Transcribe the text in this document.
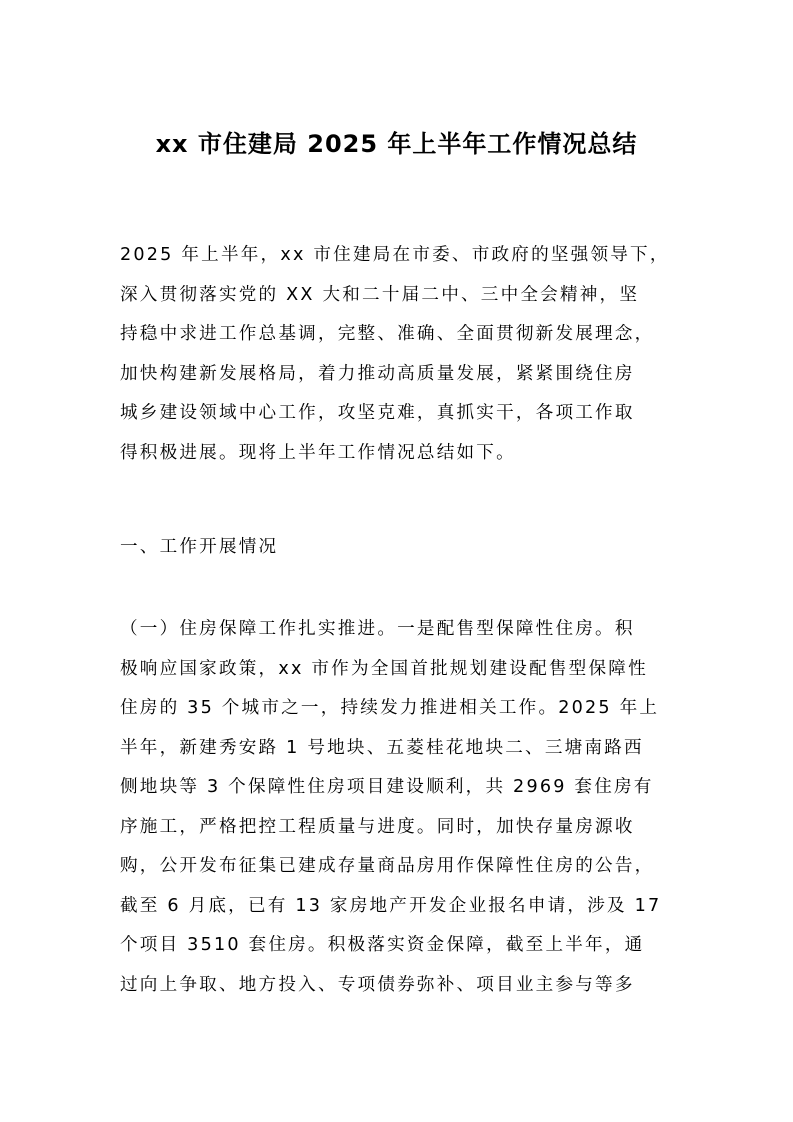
xx 市住建局 2025 年上半年工作情况总结
2025 年上半年，xx 市住建局在市委、市政府的坚强领导下，
深入贯彻落实党的 XX 大和二十届二中、三中全会精神，坚
持稳中求进工作总基调，完整、准确、全面贯彻新发展理念，
加快构建新发展格局，着力推动高质量发展，紧紧围绕住房
城乡建设领域中心工作，攻坚克难，真抓实干，各项工作取
得积极进展。现将上半年工作情况总结如下。
一、工作开展情况
（一）住房保障工作扎实推进。一是配售型保障性住房。积
极响应国家政策，xx 市作为全国首批规划建设配售型保障性
住房的 35 个城市之一，持续发力推进相关工作。2025 年上
半年，新建秀安路 1 号地块、五菱桂花地块二、三塘南路西
侧地块等 3 个保障性住房项目建设顺利，共 2969 套住房有
序施工，严格把控工程质量与进度。同时，加快存量房源收
购，公开发布征集已建成存量商品房用作保障性住房的公告，
截至 6 月底，已有 13 家房地产开发企业报名申请，涉及 17
个项目 3510 套住房。积极落实资金保障，截至上半年，通
过向上争取、地方投入、专项债券弥补、项目业主参与等多
